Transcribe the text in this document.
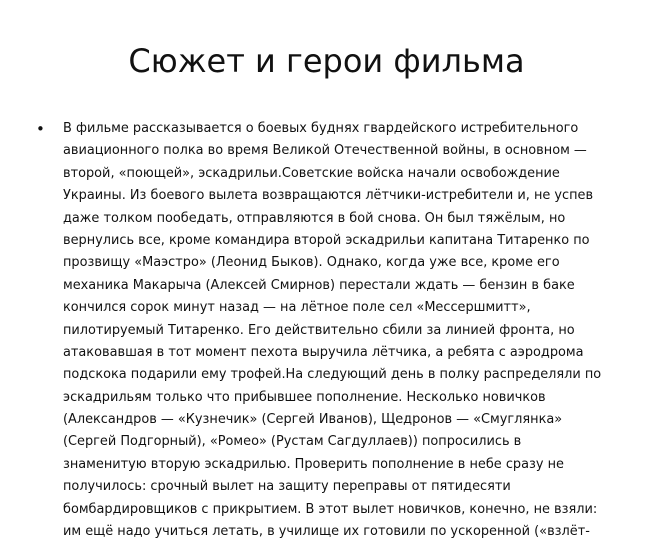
Сюжет и герои фильма
• В фильме рассказывается о боевых буднях гвардейского истребительного
авиационного полка во время Великой Отечественной войны, в основном —
второй, «поющей», эскадрильи.Советские войска начали освобождение
Украины. Из боевого вылета возвращаются лётчики-истребители и, не успев
даже толком пообедать, отправляются в бой снова. Он был тяжёлым, но
вернулись все, кроме командира второй эскадрильи капитана Титаренко по
прозвищу «Маэстро» (Леонид Быков). Однако, когда уже все, кроме его
механика Макарыча (Алексей Смирнов) перестали ждать — бензин в баке
кончился сорок минут назад — на лётное поле сел «Мессершмитт»,
пилотируемый Титаренко. Его действительно сбили за линией фронта, но
атаковавшая в тот момент пехота выручила лётчика, а ребята с аэродрома
подскока подарили ему трофей.На следующий день в полку распределяли по
эскадрильям только что прибывшее пополнение. Несколько новичков
(Александров — «Кузнечик» (Сергей Иванов), Щедронов — «Смуглянка»
(Сергей Подгорный), «Ромео» (Рустам Сагдуллаев)) попросились в
знаменитую вторую эскадрилью. Проверить пополнение в небе сразу не
получилось: срочный вылет на защиту переправы от пятидесяти
бомбардировщиков с прикрытием. В этот вылет новичков, конечно, не взяли:
им ещё надо учиться летать, в училище их готовили по ускоренной («взлёт-
